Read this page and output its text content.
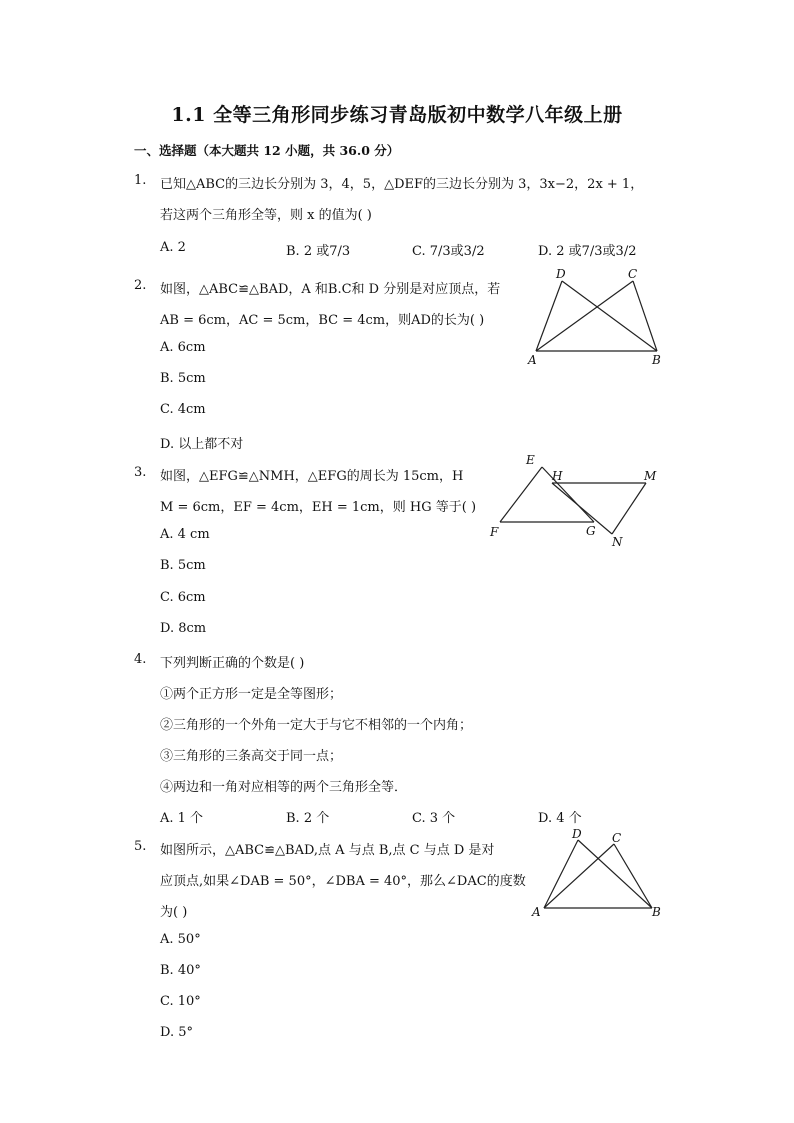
1.1 全等三角形同步练习青岛版初中数学八年级上册
一、选择题（本大题共 12 小题，共 36.0 分）
1. 已知△ABC的三边长分别为 3，4，5，△DEF的三边长分别为 3，3x−2，2x + 1，
若这两个三角形全等，则 x 的值为( )
A. 2	B. 2 或7/3	C. 7/3或3/2	D. 2 或7/3或3/2
2. 如图，△ABC≌△BAD，A 和B.C和 D 分别是对应顶点，若
AB = 6cm，AC = 5cm，BC = 4cm，则AD的长为( )
A. 6cm
B. 5cm
C. 4cm
D. 以上都不对
D	C
A	B
3. 如图，△EFG≌△NMH，△EFG的周长为 15cm，H
M = 6cm，EF = 4cm，EH = 1cm，则 HG 等于( )
A. 4 cm
B. 5cm
C. 6cm
D. 8cm
E
H	M
F	G
N
4. 下列判断正确的个数是( )
①两个正方形一定是全等图形；
②三角形的一个外角一定大于与它不相邻的一个内角；
③三角形的三条高交于同一点；
④两边和一角对应相等的两个三角形全等．
A. 1 个	B. 2 个	C. 3 个	D. 4 个
5. 如图所示，△ABC≌△BAD,点 A 与点 B,点 C 与点 D 是对
应顶点,如果∠DAB = 50°，∠DBA = 40°，那么∠DAC的度数
为( )
A. 50°
B. 40°
C. 10°
D. 5°
D	C
A	B
